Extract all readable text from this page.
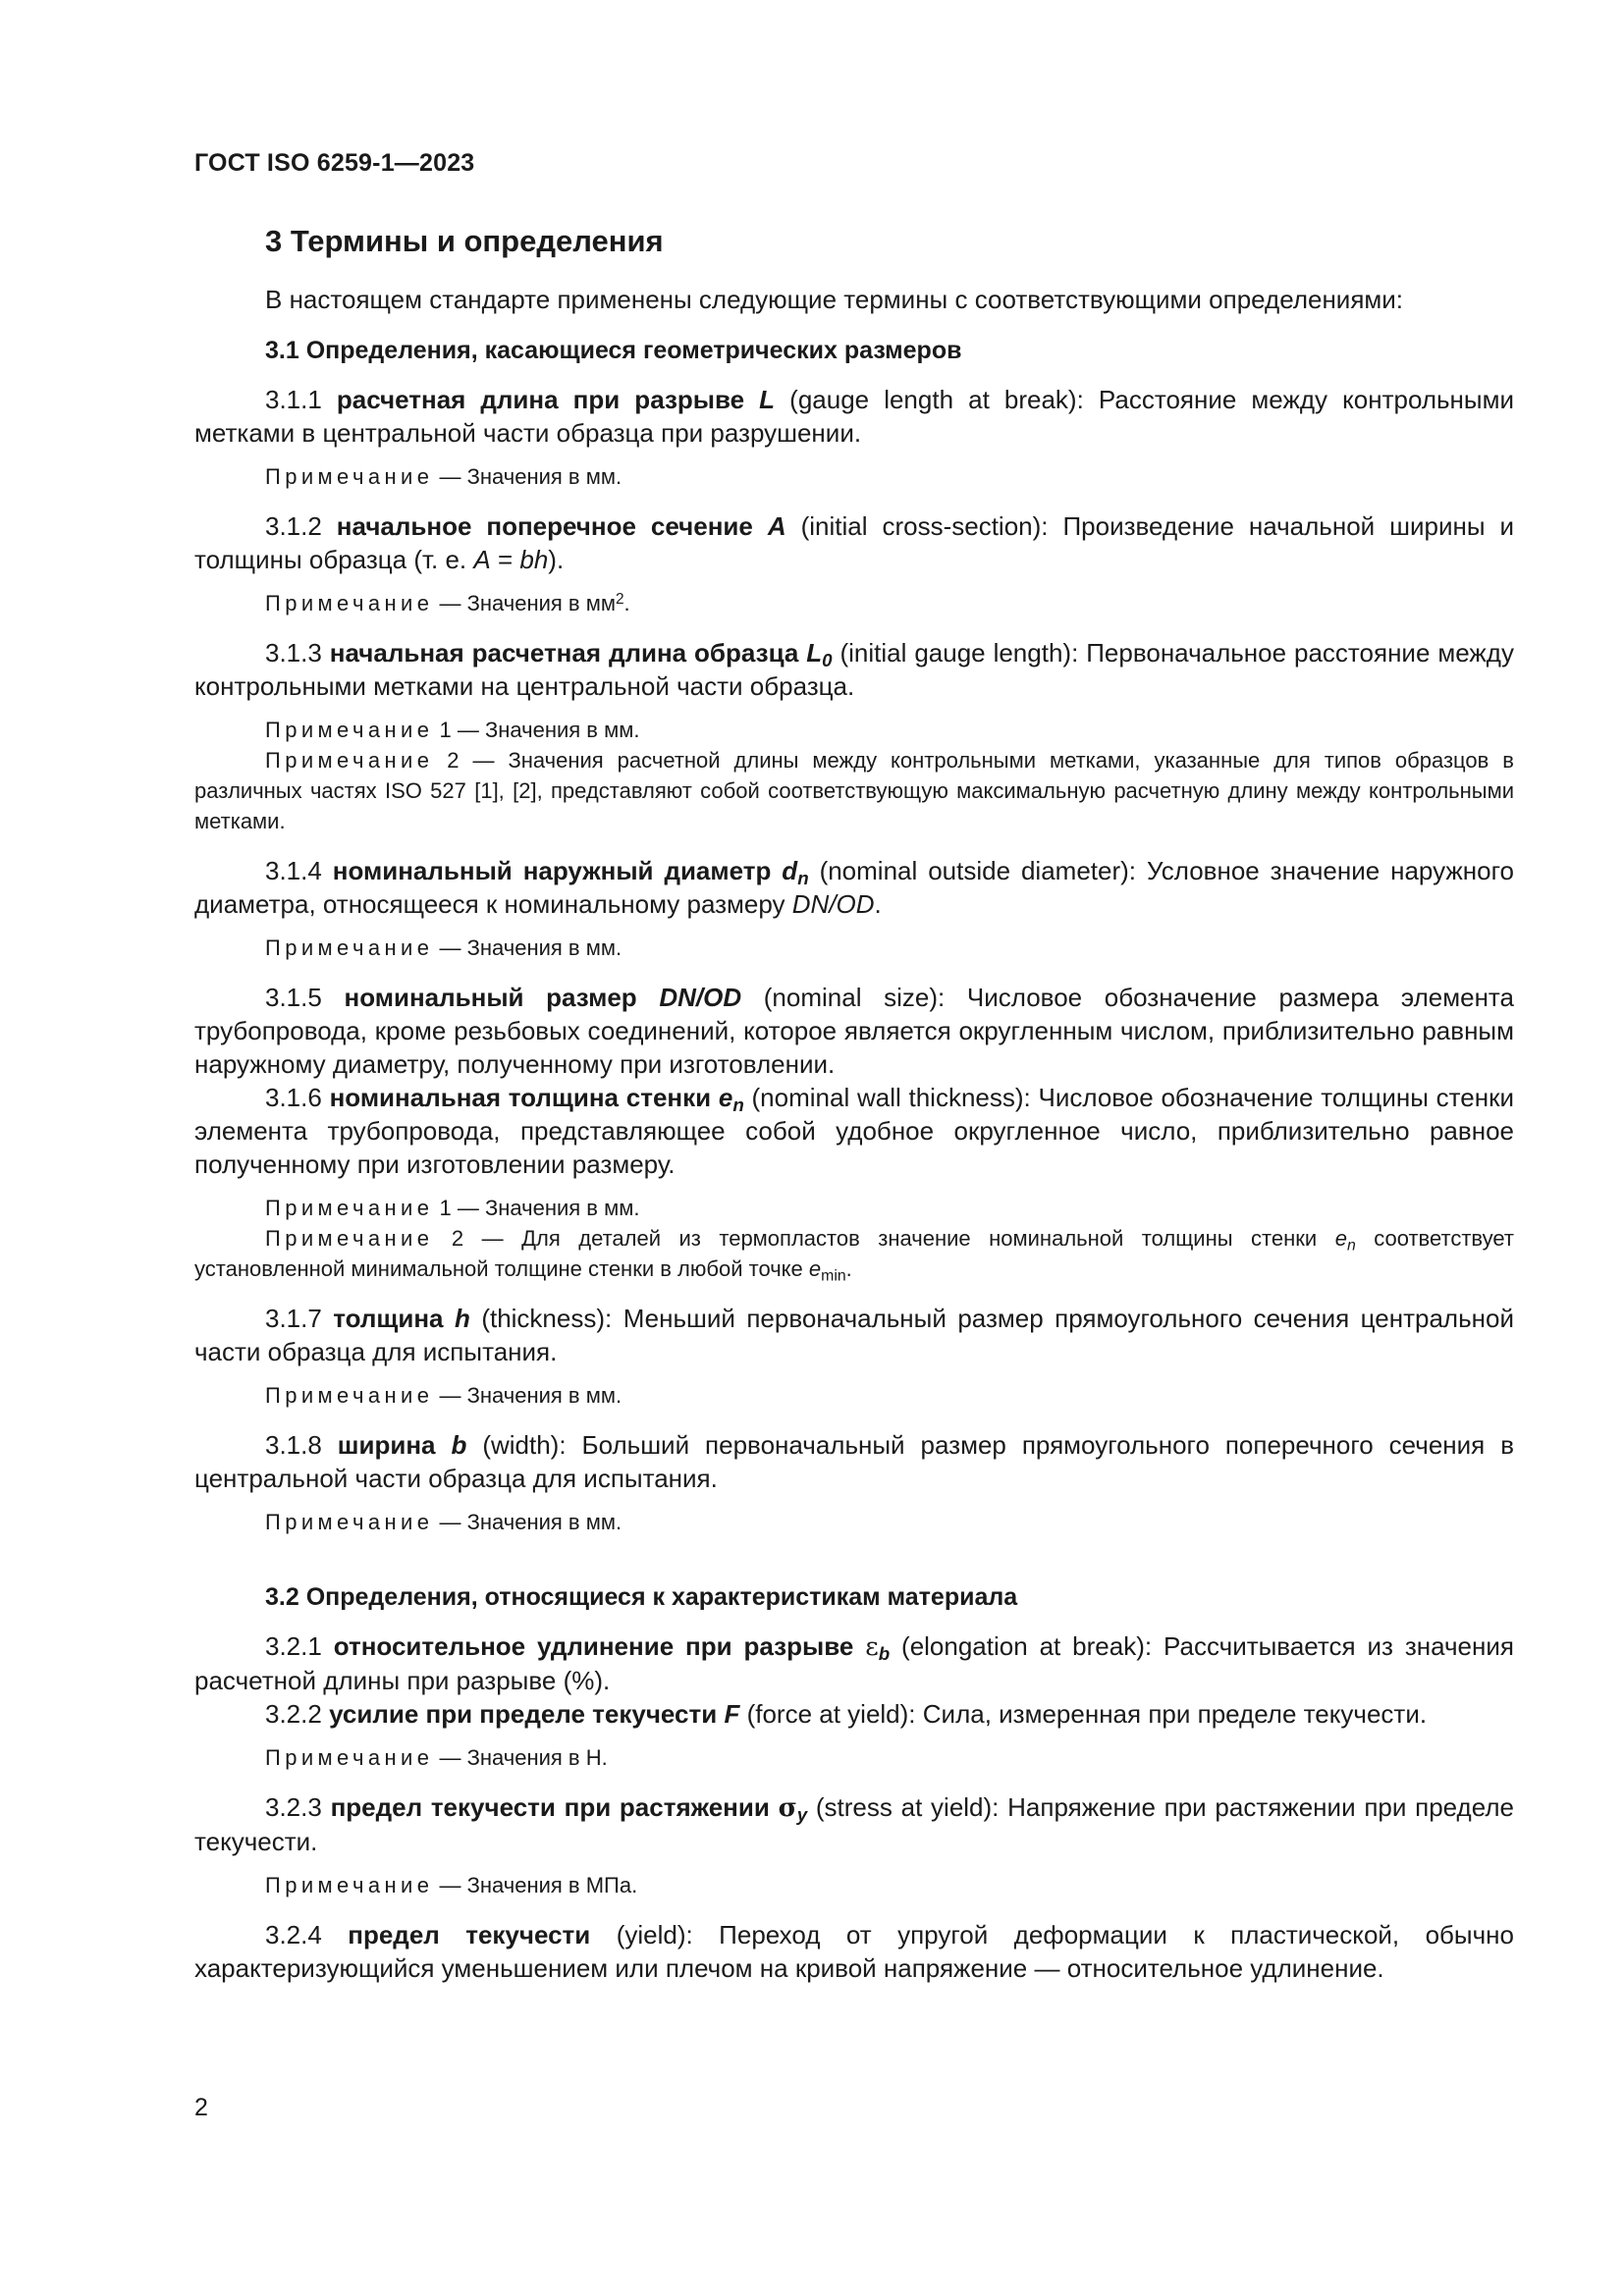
ГОСТ ISO 6259-1—2023
3 Термины и определения

В настоящем стандарте применены следующие термины с соответствующими определениями:

3.1 Определения, касающиеся геометрических размеров

3.1.1 расчетная длина при разрыве L (gauge length at break): Расстояние между контрольными метками в центральной части образца при разрушении.

Примечание — Значения в мм.

3.1.2 начальное поперечное сечение A (initial cross-section): Произведение начальной ширины и толщины образца (т. е. A = bh).

Примечание — Значения в $мм^2$.

3.1.3 начальная расчетная длина образца $L_0$ (initial gauge length): Первоначальное расстояние между контрольными метками на центральной части образца.

Примечание 1 — Значения в мм.

Примечание 2 — Значения расчетной длины между контрольными метками, указанные для типов образцов в различных частях ISO 527 [1], [2], представляют собой соответствующую максимальную расчетную длину между контрольными метками.

3.1.4 номинальный наружный диаметр $d_n$ (nominal outside diameter): Условное значение наружного диаметра, относящееся к номинальному размеру DN/OD.

Примечание — Значения в мм.

3.1.5 номинальный размер DN/OD (nominal size): Числовое обозначение размера элемента трубопровода, кроме резьбовых соединений, которое является округленным числом, приблизительно равным наружному диаметру, полученному при изготовлении.

3.1.6 номинальная толщина стенки $e_n$ (nominal wall thickness): Числовое обозначение толщины стенки элемента трубопровода, представляющее собой удобное округленное число, приблизительно равное полученному при изготовлении размеру.

Примечание 1 — Значения в мм.

Примечание 2 — Для деталей из термопластов значение номинальной толщины стенки $e_n$ соответствует установленной минимальной толщине стенки в любой точке $e_{min}$.

3.1.7 толщина h (thickness): Меньший первоначальный размер прямоугольного сечения центральной части образца для испытания.

Примечание — Значения в мм.

3.1.8 ширина b (width): Больший первоначальный размер прямоугольного поперечного сечения в центральной части образца для испытания.

Примечание — Значения в мм.

3.2 Определения, относящиеся к характеристикам материала

3.2.1 относительное удлинение при разрыве $\varepsilon_b$ (elongation at break): Рассчитывается из значения расчетной длины при разрыве (%).

3.2.2 усилие при пределе текучести F (force at yield): Сила, измеренная при пределе текучести.

Примечание — Значения в Н.

3.2.3 предел текучести при растяжении $\sigma_y$ (stress at yield): Напряжение при растяжении при пределе текучести.

Примечание — Значения в МПа.

3.2.4 предел текучести (yield): Переход от упругой деформации к пластической, обычно характеризующийся уменьшением или плечом на кривой напряжение — относительное удлинение.

2
